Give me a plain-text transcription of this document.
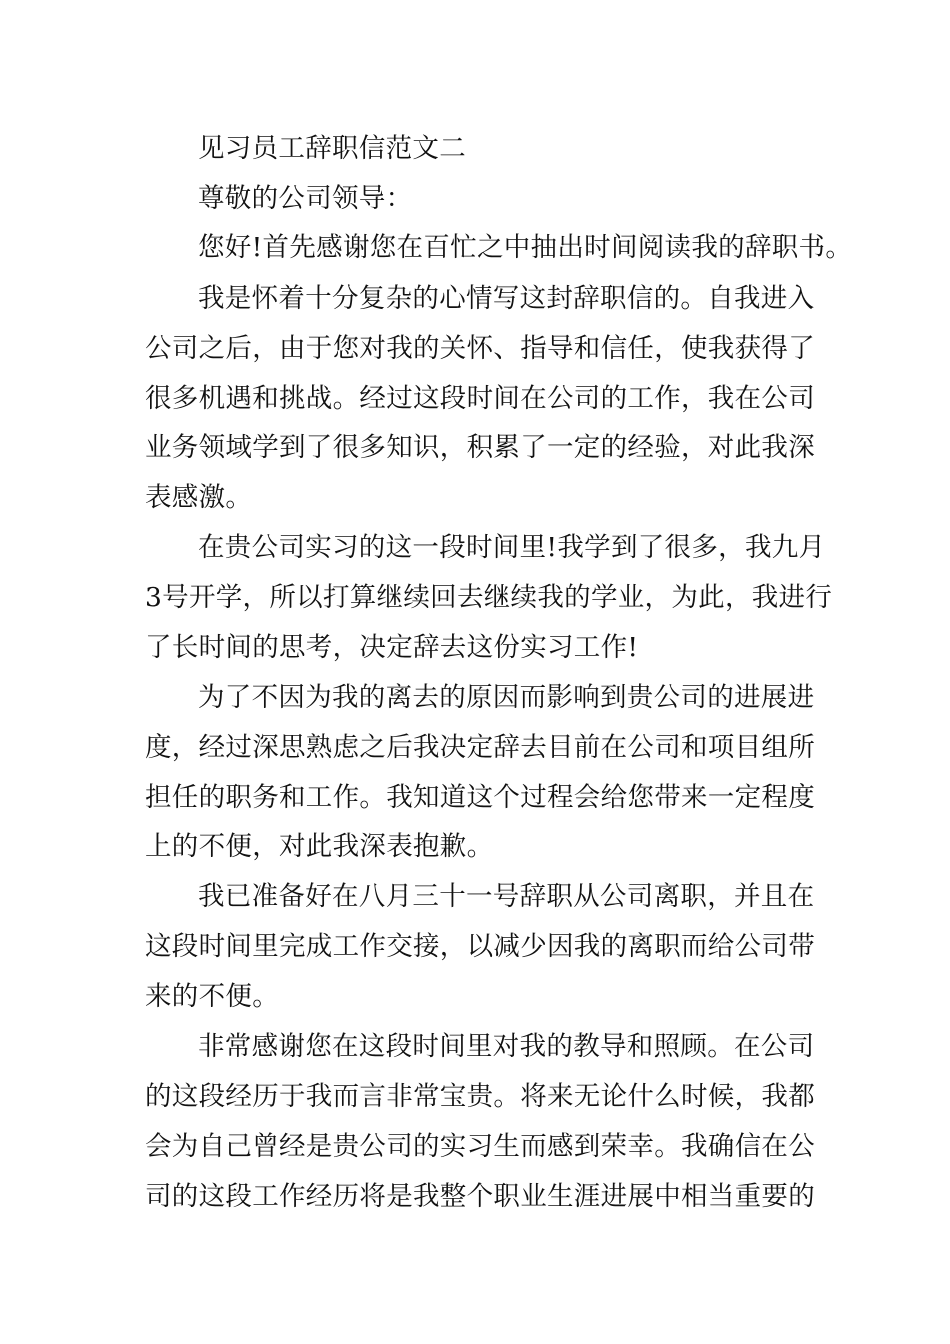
见习员工辞职信范文二
尊敬的公司领导：
您好!首先感谢您在百忙之中抽出时间阅读我的辞职书。
我是怀着十分复杂的心情写这封辞职信的。自我进入
公司之后，由于您对我的关怀、指导和信任，使我获得了
很多机遇和挑战。经过这段时间在公司的工作，我在公司
业务领域学到了很多知识，积累了一定的经验，对此我深
表感激。
在贵公司实习的这一段时间里!我学到了很多，我九月
3号开学，所以打算继续回去继续我的学业，为此，我进行
了长时间的思考，决定辞去这份实习工作!
为了不因为我的离去的原因而影响到贵公司的进展进
度，经过深思熟虑之后我决定辞去目前在公司和项目组所
担任的职务和工作。我知道这个过程会给您带来一定程度
上的不便，对此我深表抱歉。
我已准备好在八月三十一号辞职从公司离职，并且在
这段时间里完成工作交接，以减少因我的离职而给公司带
来的不便。
非常感谢您在这段时间里对我的教导和照顾。在公司
的这段经历于我而言非常宝贵。将来无论什么时候，我都
会为自己曾经是贵公司的实习生而感到荣幸。我确信在公
司的这段工作经历将是我整个职业生涯进展中相当重要的
